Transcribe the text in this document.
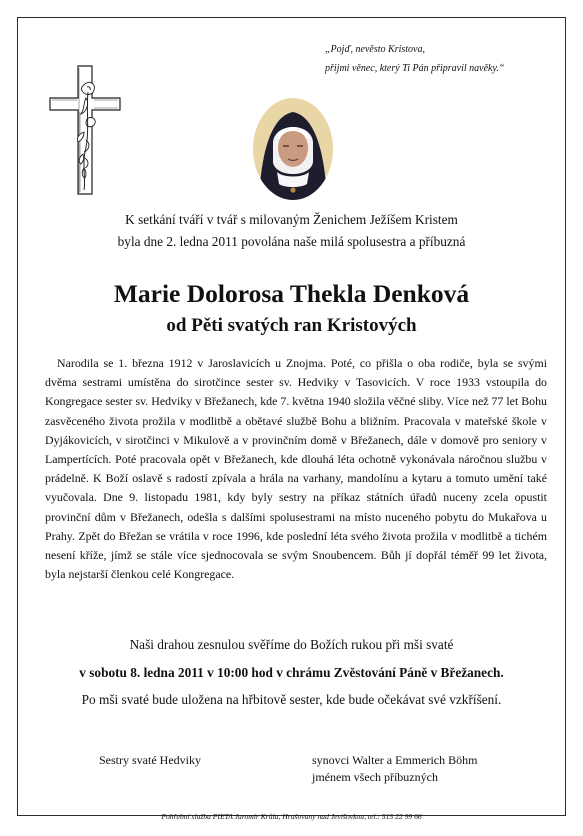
„Pojď, nevěsto Kristova,
přijmi věnec, který Ti Pán připravil navěky.“
K setkání tváří v tvář s milovaným Ženichem Ježíšem Kristem
byla dne 2. ledna 2011 povolána naše milá spolusestra a příbuzná
Marie Dolorosa Thekla Denková
od Pěti svatých ran Kristových

Narodila se 1. března 1912 v Jaroslavicích u Znojma. Poté, co přišla o oba rodiče, byla se svými dvěma sestrami umístěna do sirotčince sester sv. Hedviky v Tasovicích. V roce 1933 vstoupila do Kongregace sester sv. Hedviky v Břežanech, kde 7. května 1940 složila věčné sliby. Více než 77 let Bohu zasvěceného života prožila v modlitbě a obětavé službě Bohu a bližním. Pracovala v mateřské škole v Dyjákovicích, v sirotčinci v Mikulově a v provinčním domě v Břežanech, dále v domově pro seniory v Lampertících. Poté pracovala opět v Břežanech, kde dlouhá léta ochotně vykonávala náročnou službu v prádelně. K Boží oslavě s radostí zpívala a hrála na varhany, mandolínu a kytaru a tomuto umění také vyučovala. Dne 9. listopadu 1981, kdy byly sestry na příkaz státních úřadů nuceny zcela opustit provinční dům v Břežanech, odešla s dalšími spolusestrami na místo nuceného pobytu do Mukařova u Prahy. Zpět do Břežan se vrátila v roce 1996, kde poslední léta svého života prožila v modlitbě a tichém nesení kříže, jímž se stále více sjednocovala se svým Snoubencem. Bůh jí dopřál téměř 99 let života, byla nejstarší členkou celé Kongregace.

Naši drahou zesnulou svěříme do Božích rukou při mši svaté
v sobotu 8. ledna 2011 v 10:00 hod v chrámu Zvěstování Páně v Břežanech.
Po mši svaté bude uložena na hřbitově sester, kde bude očekávat své vzkříšení.
Sestry svaté Hedviky	synovci Walter a Emmerich Böhm
jménem všech příbuzných
Pohřební služba PIETA Jaromír Krůla, Hrušovany nad Jevišovkou, tel.: 515 22 99 66
